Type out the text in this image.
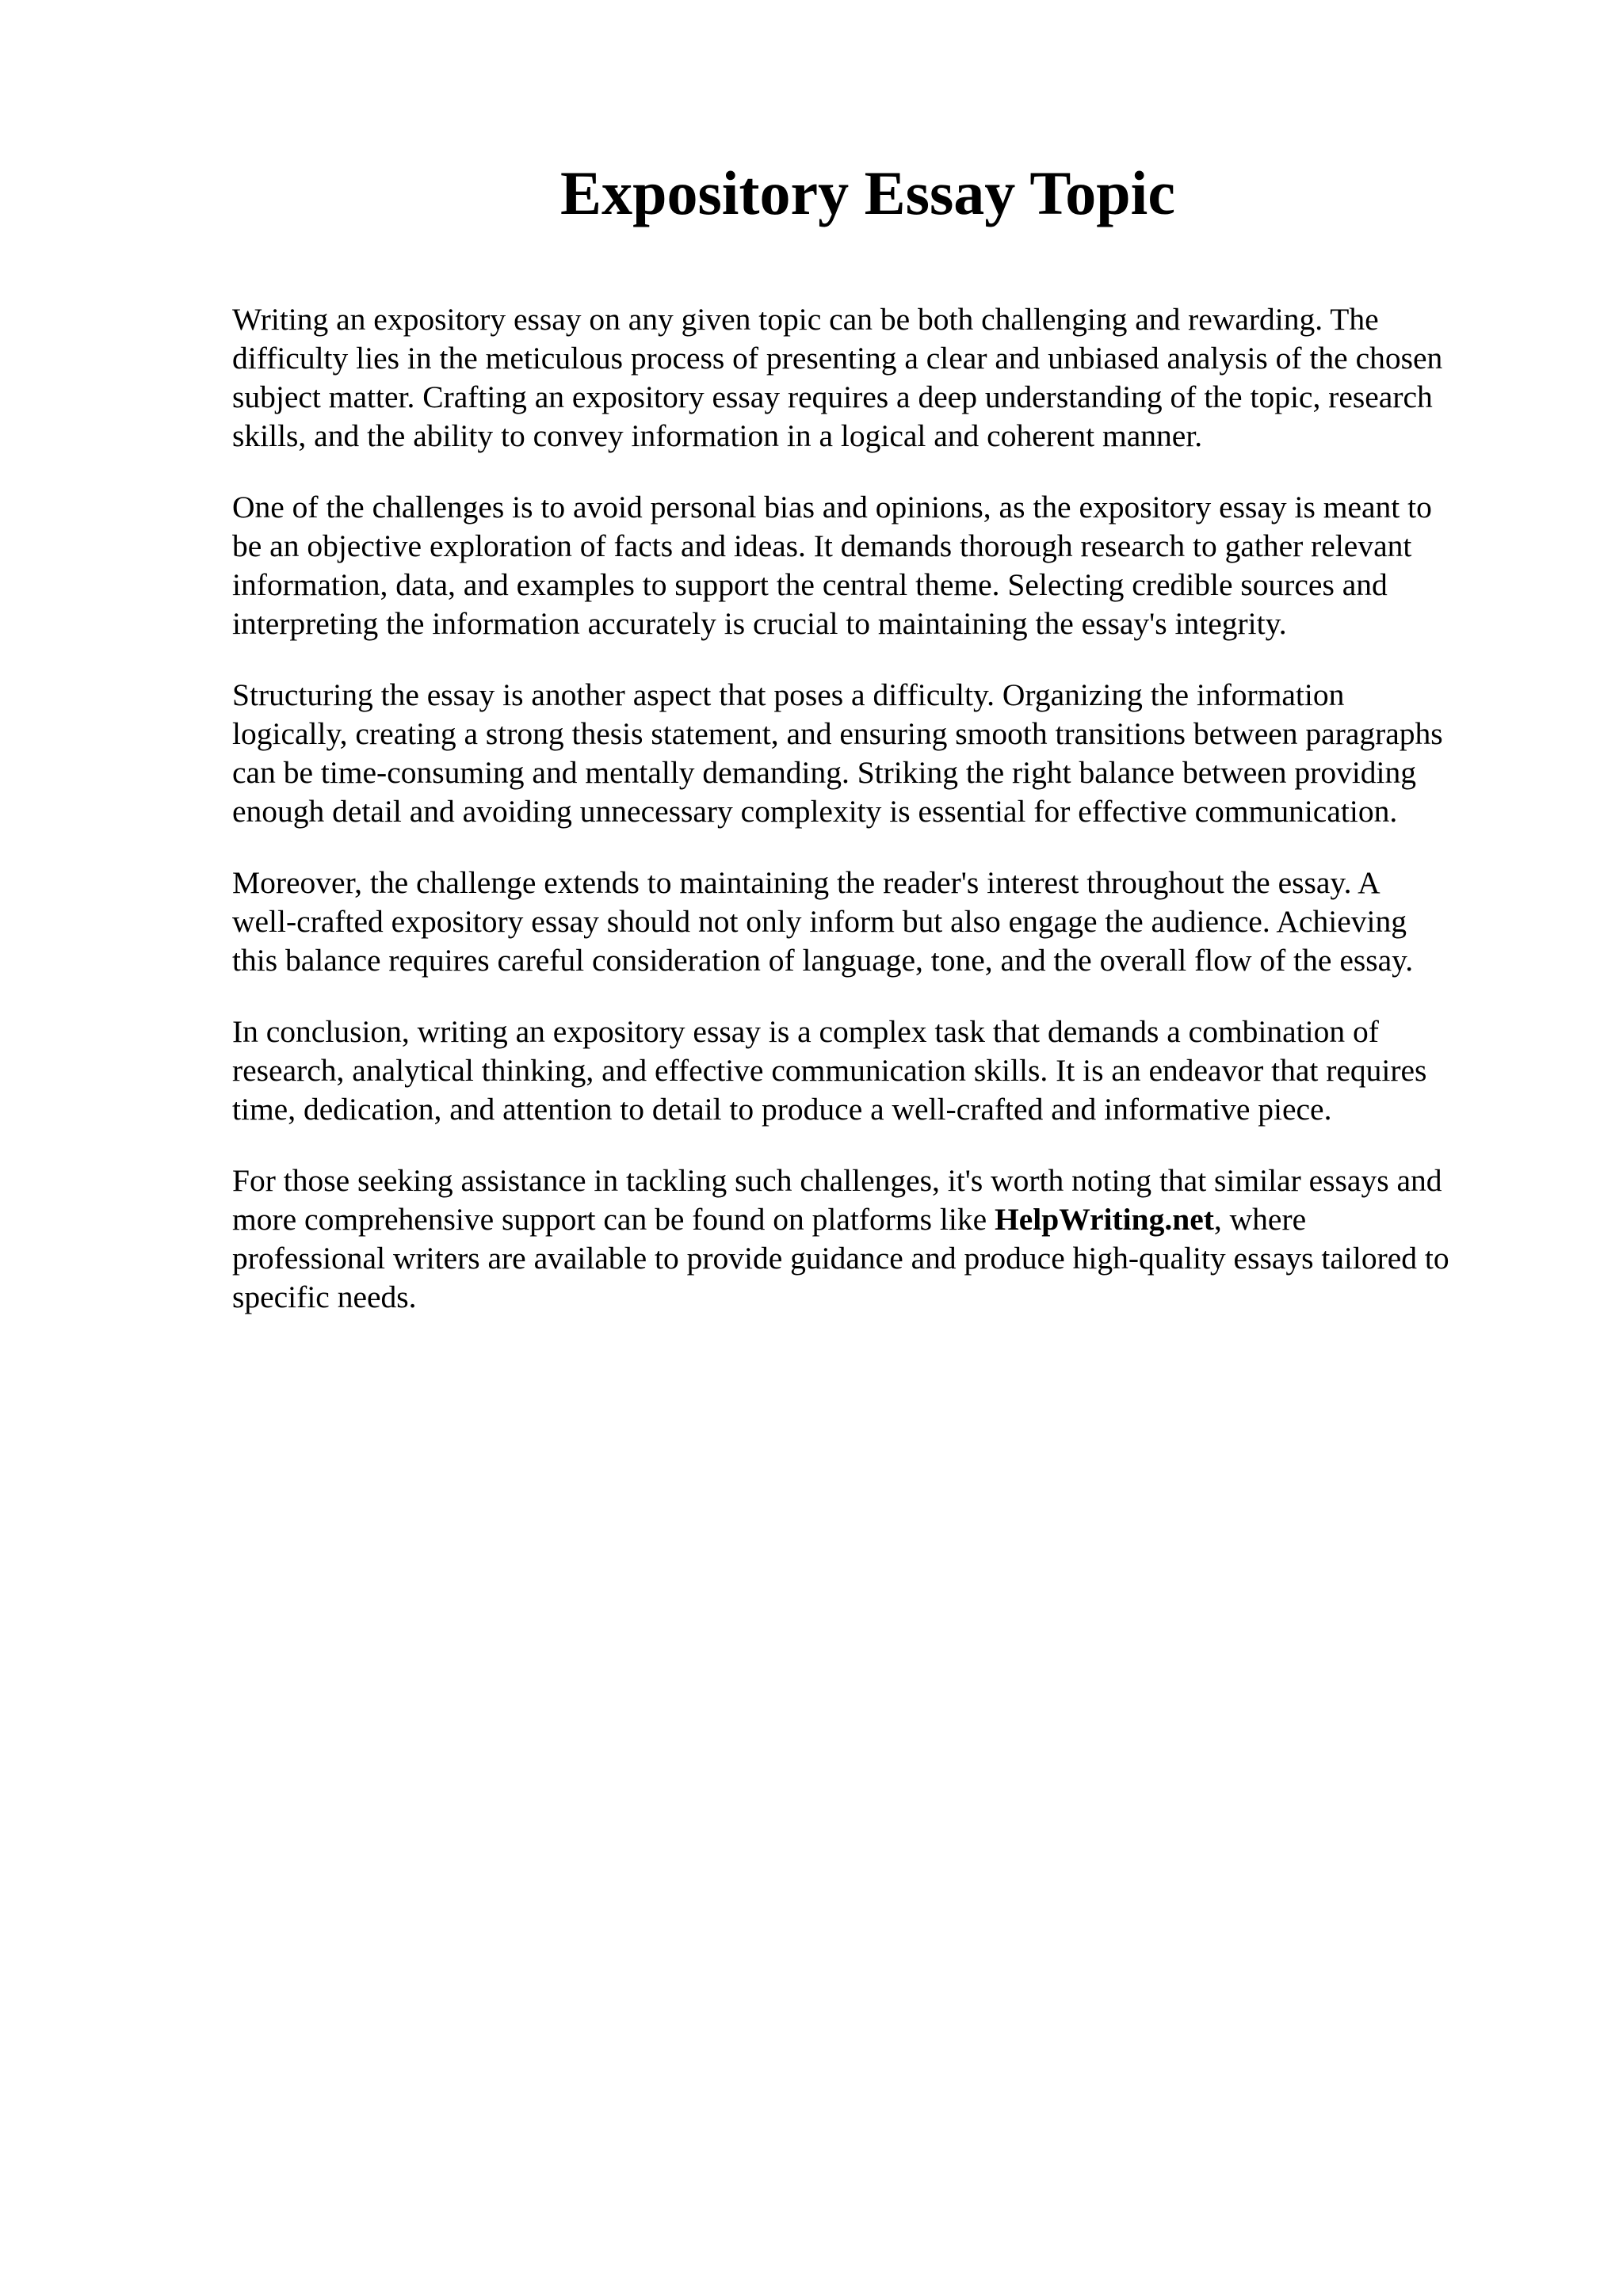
Expository Essay Topic

Writing an expository essay on any given topic can be both challenging and rewarding. The
difficulty lies in the meticulous process of presenting a clear and unbiased analysis of the chosen
subject matter. Crafting an expository essay requires a deep understanding of the topic, research
skills, and the ability to convey information in a logical and coherent manner.

One of the challenges is to avoid personal bias and opinions, as the expository essay is meant to
be an objective exploration of facts and ideas. It demands thorough research to gather relevant
information, data, and examples to support the central theme. Selecting credible sources and
interpreting the information accurately is crucial to maintaining the essay's integrity.

Structuring the essay is another aspect that poses a difficulty. Organizing the information
logically, creating a strong thesis statement, and ensuring smooth transitions between paragraphs
can be time-consuming and mentally demanding. Striking the right balance between providing
enough detail and avoiding unnecessary complexity is essential for effective communication.

Moreover, the challenge extends to maintaining the reader's interest throughout the essay. A
well-crafted expository essay should not only inform but also engage the audience. Achieving
this balance requires careful consideration of language, tone, and the overall flow of the essay.

In conclusion, writing an expository essay is a complex task that demands a combination of
research, analytical thinking, and effective communication skills. It is an endeavor that requires
time, dedication, and attention to detail to produce a well-crafted and informative piece.

For those seeking assistance in tackling such challenges, it's worth noting that similar essays and
more comprehensive support can be found on platforms like HelpWriting.net, where
professional writers are available to provide guidance and produce high-quality essays tailored to
specific needs.
